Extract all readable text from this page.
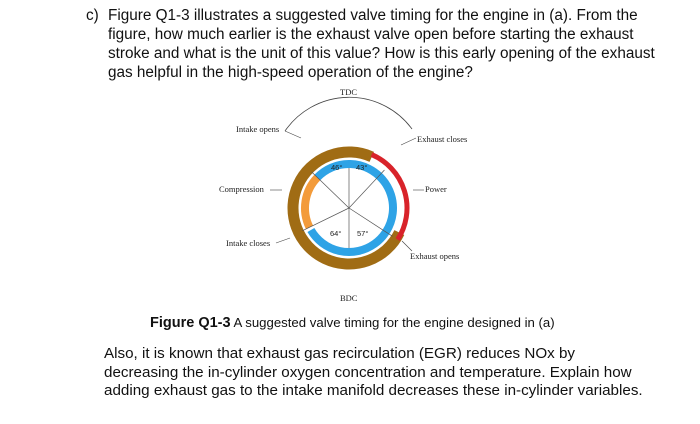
c) Figure Q1-3 illustrates a suggested valve timing for the engine in (a). From the figure, how much earlier is the exhaust valve open before starting the exhaust stroke and what is the unit of this value? How is this early opening of the exhaust gas helpful in the high-speed operation of the engine?
TDC
BDC
46° 43°
64° 57°
Intake opens
Exhaust closes
Compression	Power
Intake closes
Exhaust opens
Figure Q1-3 A suggested valve timing for the engine designed in (a)
Also, it is known that exhaust gas recirculation (EGR) reduces NOx by decreasing the in-cylinder oxygen concentration and temperature. Explain how adding exhaust gas to the intake manifold decreases these in-cylinder variables.
